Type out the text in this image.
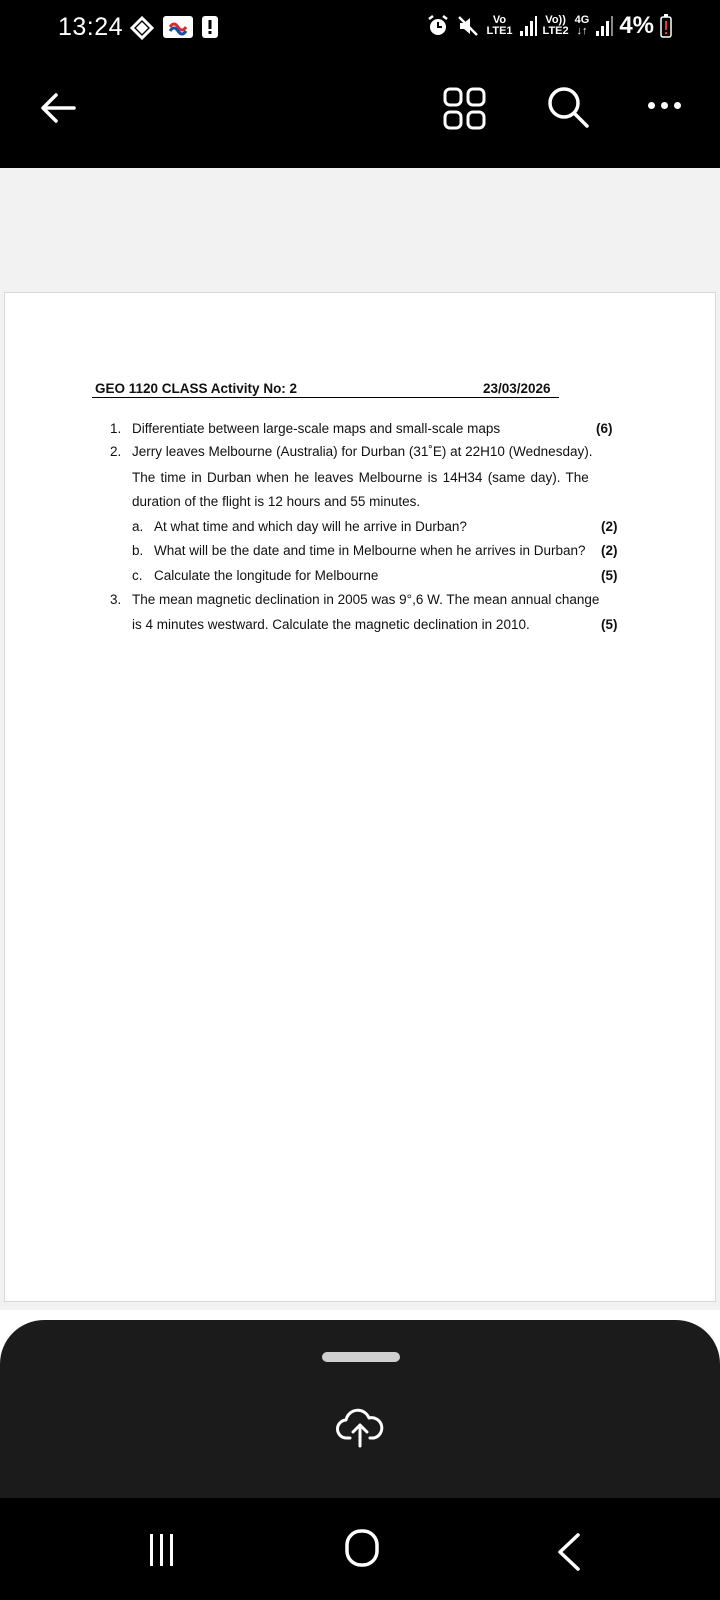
13:24	Vo
LTE1
Vo))
LTE2
4G
↓↑ 4%
GEO 1120 CLASS Activity No: 2	23/03/2026
1. Differentiate between large-scale maps and small-scale maps	(6)
2. Jerry leaves Melbourne (Australia) for Durban (31˚E) at 22H10 (Wednesday).
The time in Durban when he leaves Melbourne is 14H34 (same day). The
duration of the flight is 12 hours and 55 minutes.
a. At what time and which day will he arrive in Durban?	(2)
b. What will be the date and time in Melbourne when he arrives in Durban? (2)
c. Calculate the longitude for Melbourne	(5)
3. The mean magnetic declination in 2005 was 9°,6 W. The mean annual change
is 4 minutes westward. Calculate the magnetic declination in 2010.	(5)
